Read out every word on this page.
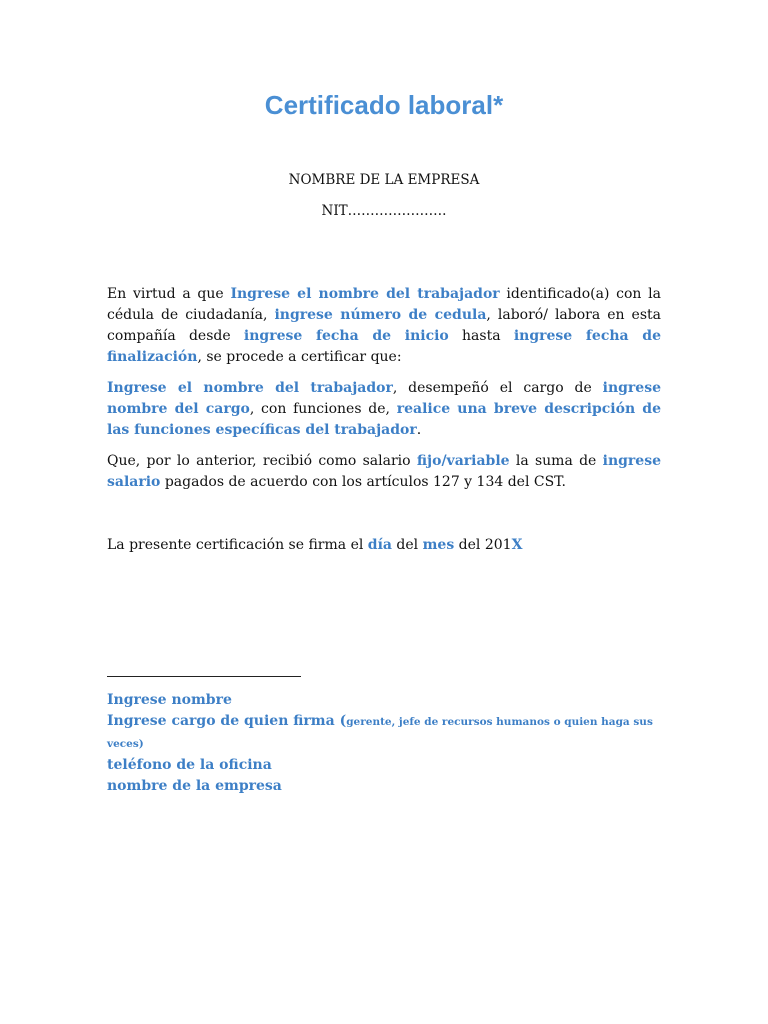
Certificado laboral*
NOMBRE DE LA EMPRESA
NIT………………….
En virtud a que Ingrese el nombre del trabajador identificado(a) con la cédula de ciudadanía, ingrese número de cedula, laboró/ labora en esta compañía desde ingrese fecha de inicio hasta ingrese fecha de finalización, se procede a certificar que:
Ingrese el nombre del trabajador, desempeñó el cargo de ingrese nombre del cargo, con funciones de, realice una breve descripción de las funciones específicas del trabajador.
Que, por lo anterior, recibió como salario fijo/variable la suma de ingrese salario pagados de acuerdo con los artículos 127 y 134 del CST.
La presente certificación se firma el día del mes del 201X
Ingrese nombre
Ingrese cargo de quien firma (gerente, jefe de recursos humanos o quien haga sus veces)
teléfono de la oficina
nombre de la empresa
